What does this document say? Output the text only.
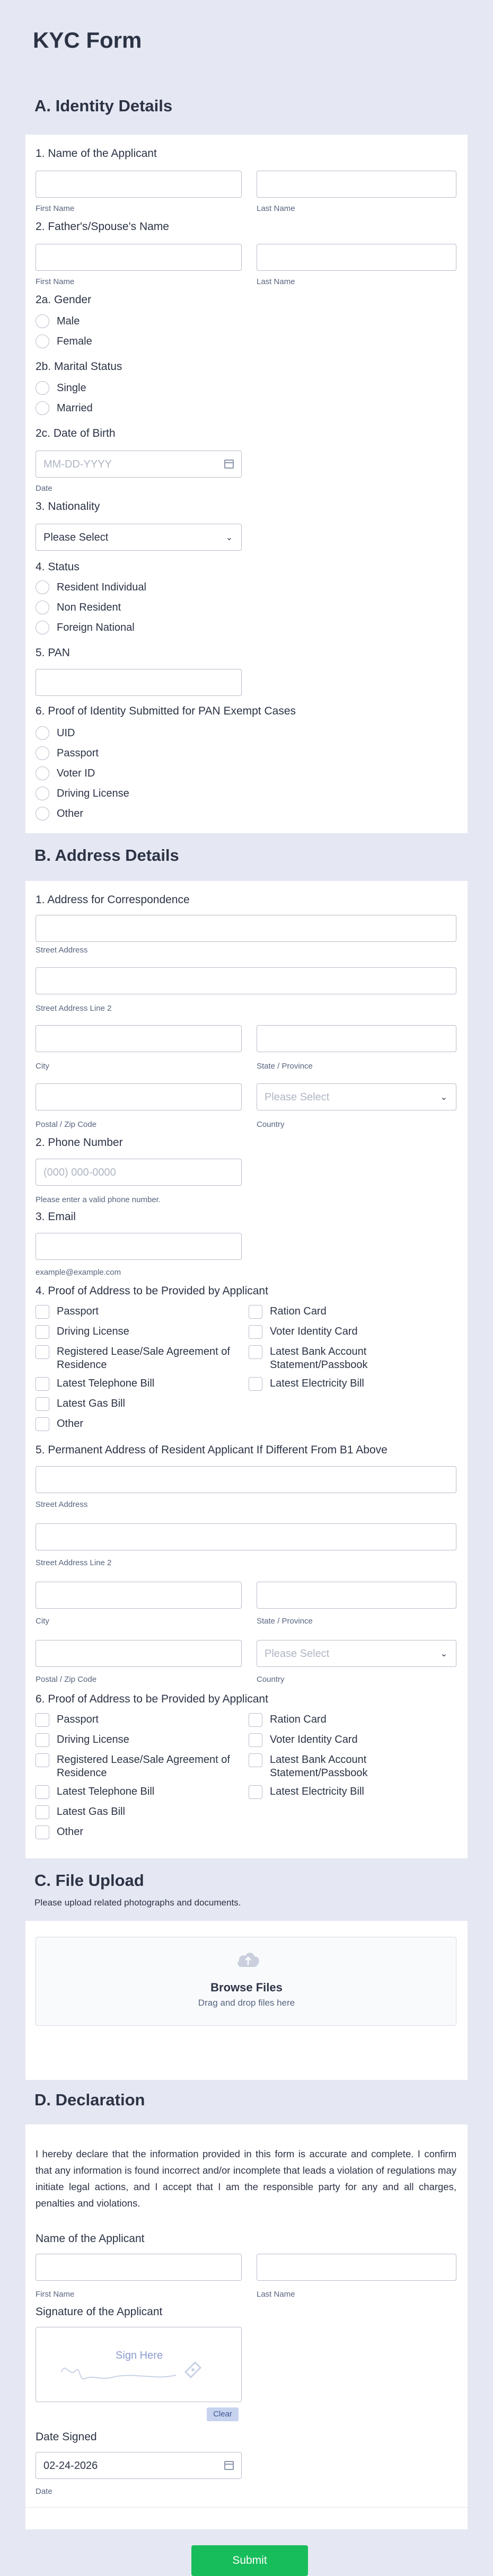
KYC Form
A. Identity Details
1. Name of the Applicant
First Name	Last Name
2. Father's/Spouse's Name
First Name	Last Name
2a. Gender
Male
Female
2b. Marital Status
Single
Married
2c. Date of Birth
MM-DD-YYYY
Date
3. Nationality
Please Select	⌄
4. Status
Resident Individual
Non Resident
Foreign National
5. PAN
6. Proof of Identity Submitted for PAN Exempt Cases
UID
Passport
Voter ID
Driving License
Other
B. Address Details
1. Address for Correspondence
Street Address
Street Address Line 2
City	State / Province
Please Select	⌄
Postal / Zip Code	Country
2. Phone Number
(000) 000-0000
Please enter a valid phone number.
3. Email
example@example.com
4. Proof of Address to be Provided by Applicant
Passport
Driving License
Registered Lease/Sale Agreement of Residence
Latest Telephone Bill
Latest Gas Bill
Other
Ration Card
Voter Identity Card
Latest Bank Account Statement/Passbook
Latest Electricity Bill
5. Permanent Address of Resident Applicant If Different From B1 Above
Street Address
Street Address Line 2
City	State / Province
Please Select	⌄
Postal / Zip Code	Country
6. Proof of Address to be Provided by Applicant
Passport
Driving License
Registered Lease/Sale Agreement of Residence
Latest Telephone Bill
Latest Gas Bill
Other
Ration Card
Voter Identity Card
Latest Bank Account Statement/Passbook
Latest Electricity Bill
C. File Upload
Please upload related photographs and documents.
Browse Files
Drag and drop files here
D. Declaration
I hereby declare that the information provided in this form is accurate and complete. I confirm that any information is found incorrect and/or incomplete that leads a violation of regulations may initiate legal actions, and I accept that I am the responsible party for any and all charges, penalties and violations.
Name of the Applicant
First Name	Last Name
Signature of the Applicant
Sign Here
Clear
Date Signed
02-24-2026
Date
Submit
